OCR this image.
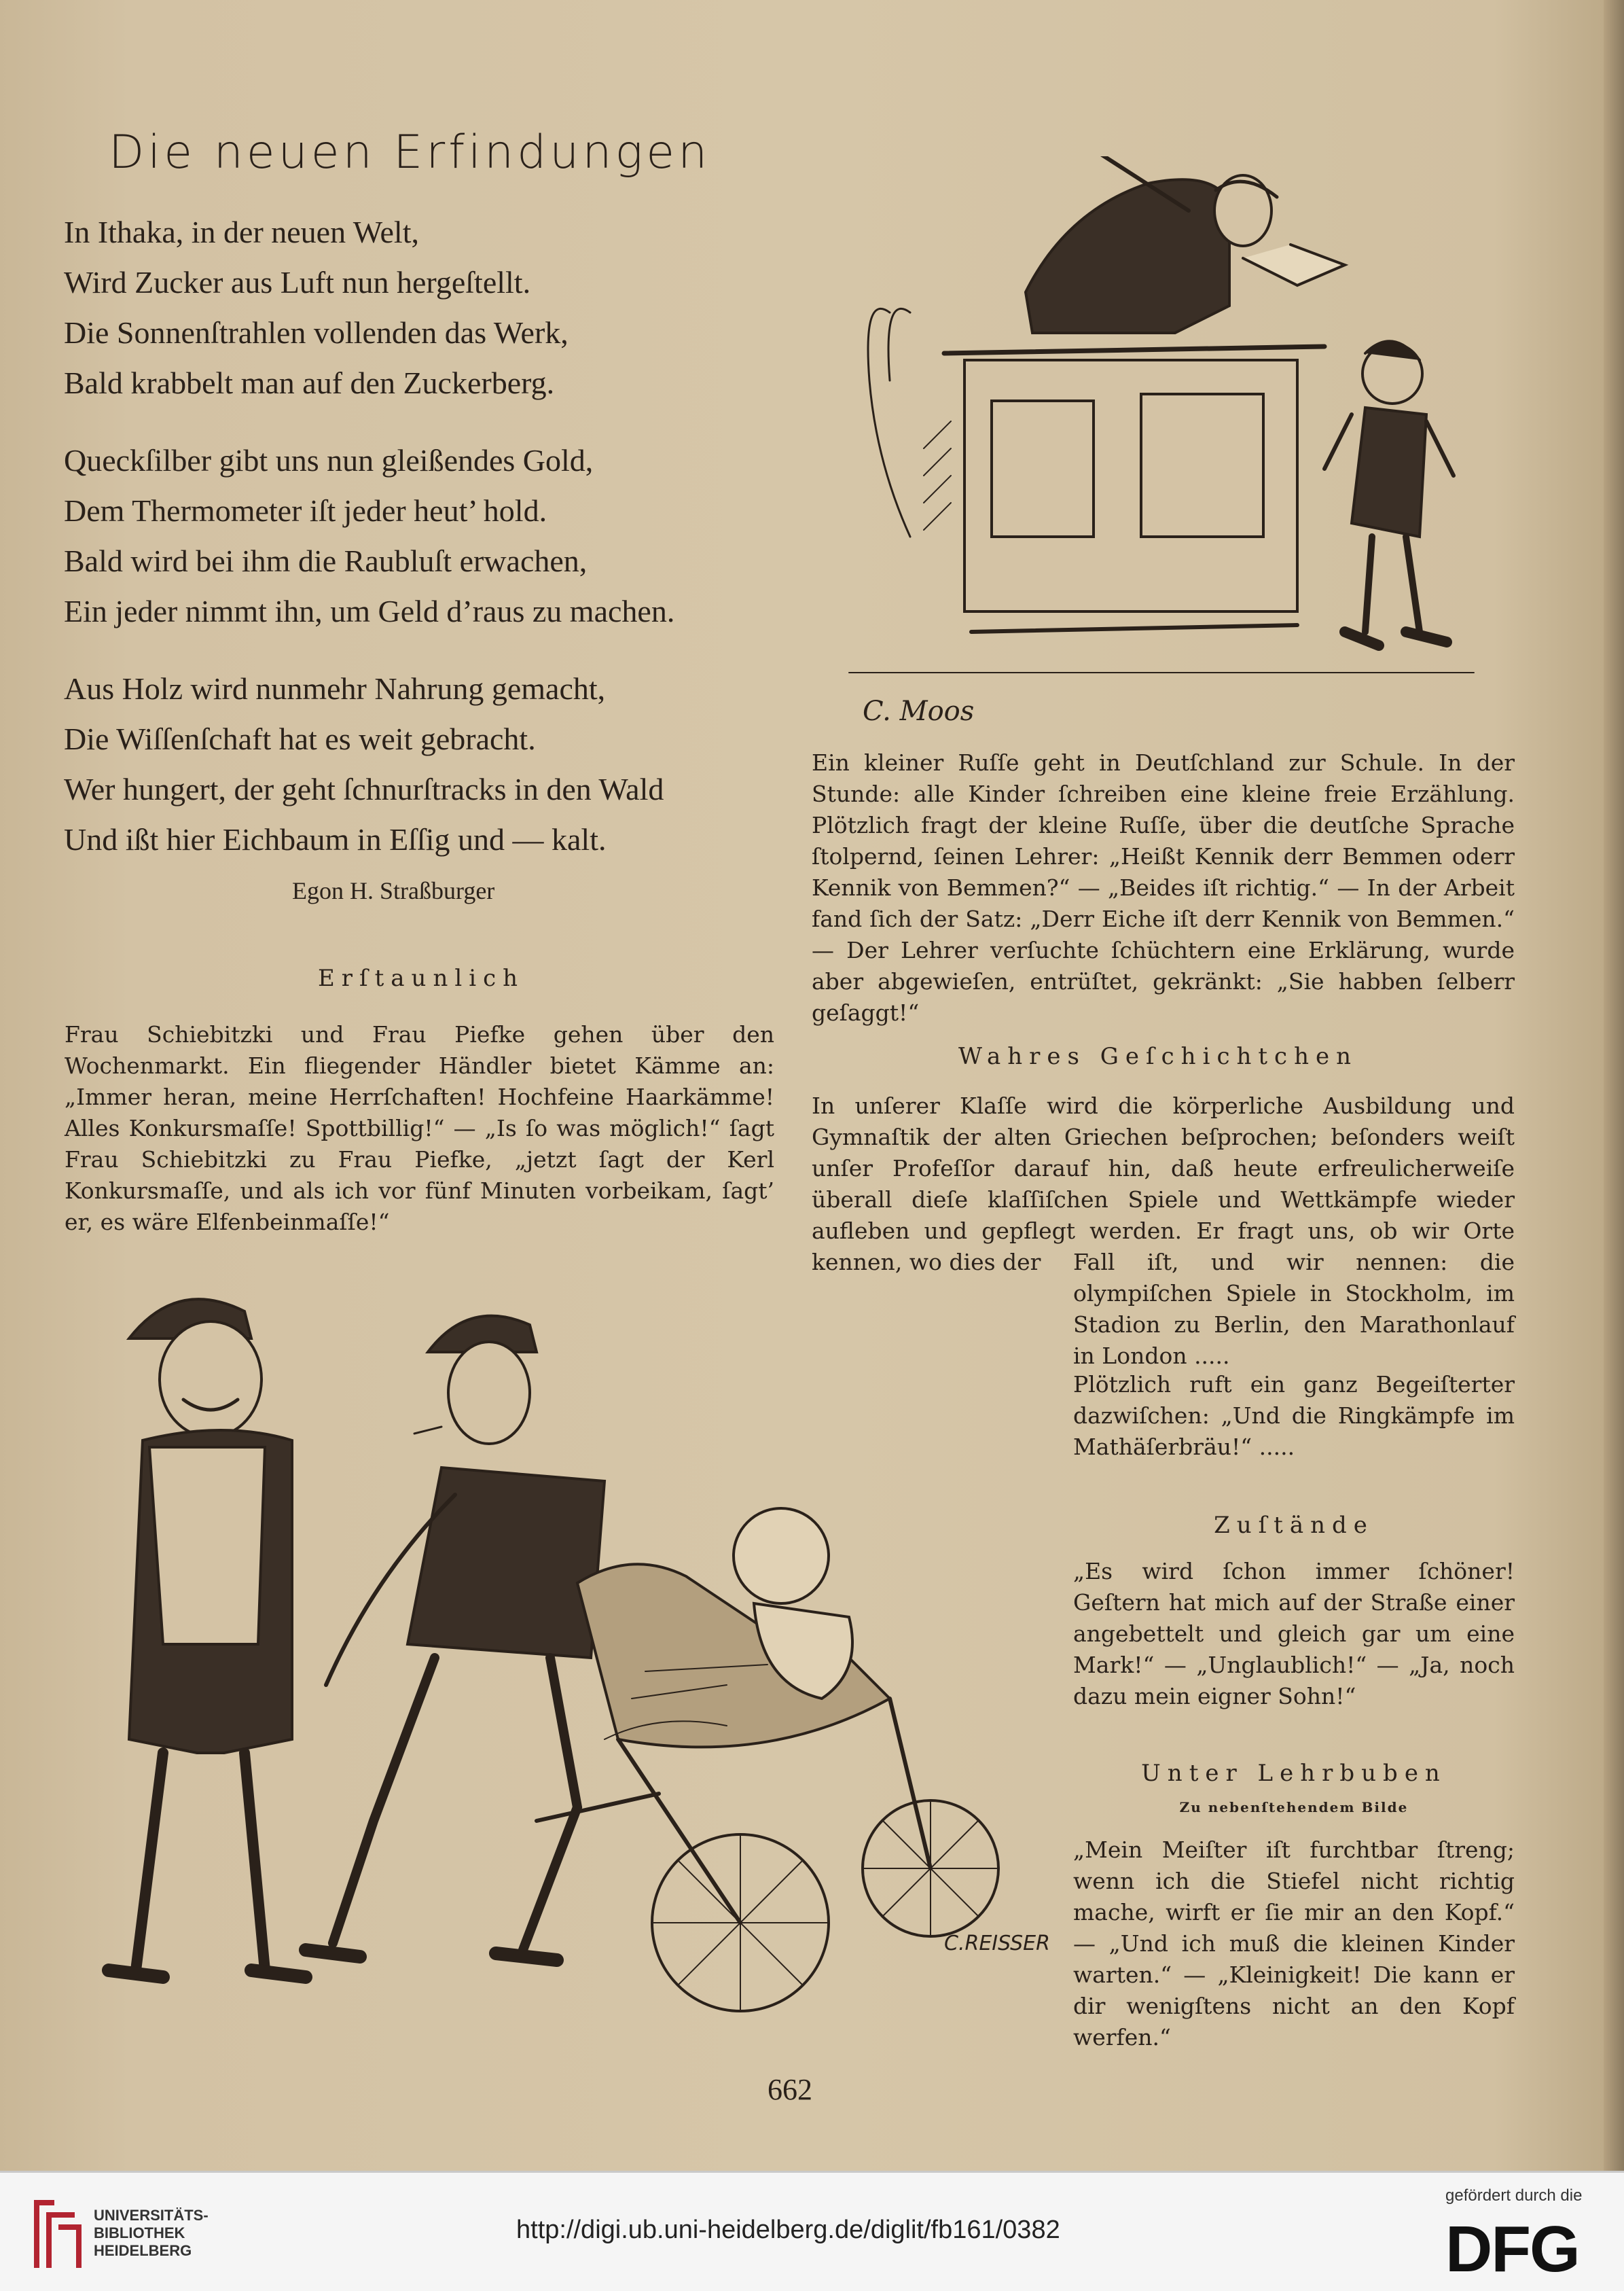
Die neuen Erfindungen
In Ithaka, in der neuen Welt,
Wird Zucker aus Luft nun hergeſtellt.
Die Sonnenſtrahlen vollenden das Werk,
Bald krabbelt man auf den Zuckerberg.
Queckſilber gibt uns nun gleißendes Gold,
Dem Thermometer iſt jeder heut’ hold.
Bald wird bei ihm die Raubluſt erwachen,
Ein jeder nimmt ihn, um Geld d’raus zu machen.
Aus Holz wird nunmehr Nahrung gemacht,
Die Wiſſenſchaft hat es weit gebracht.
Wer hungert, der geht ſchnurſtracks in den Wald
Und ißt hier Eichbaum in Eſſig und — kalt.
Egon H. Straßburger
C. Moos
Ein kleiner Ruſſe geht in Deutſchland zur Schule. In der Stunde: alle Kinder ſchreiben eine kleine freie Erzählung. Plötzlich fragt der kleine Ruſſe, über die deutſche Sprache ſtolpernd, ſeinen Lehrer: „Heißt Kennik derr Bemmen oderr Kennik von Bemmen?“ — „Beides iſt richtig.“ — In der Arbeit fand ſich der Satz: „Derr Eiche iſt derr Kennik von Bemmen.“ — Der Lehrer verſuchte ſchüchtern eine Erklärung, wurde aber abgewieſen, entrüſtet, gekränkt: „Sie habben ſelberr geſaggt!“
Erſtaunlich
Frau Schiebitzki und Frau Piefke gehen über den Wochenmarkt. Ein fliegender Händler bietet Kämme an: „Immer heran, meine Herrſchaften! Hochfeine Haarkämme! Alles Konkursmaſſe! Spottbillig!“ — „Is ſo was möglich!“ ſagt Frau Schiebitzki zu Frau Piefke, „jetzt ſagt der Kerl Konkursmaſſe, und als ich vor fünf Minuten vorbeikam, ſagt’ er, es wäre Elfenbeinmaſſe!“
Wahres Geſchichtchen
In unſerer Klaſſe wird die körperliche Ausbildung und Gymnaſtik der alten Griechen beſprochen; beſonders weiſt unſer Profeſſor darauf hin, daß heute erfreulicherweiſe überall dieſe klaſſiſchen Spiele und Wettkämpfe wieder aufleben und gepflegt werden. Er fragt uns, ob wir Orte kennen, wo dies der	Fall iſt, und wir nennen: die olympiſchen Spiele in Stockholm, im Stadion zu Berlin, den Marathonlauf in London .....
Plötzlich ruft ein ganz Begeiſterter dazwiſchen: „Und die Ringkämpfe im Mathäſerbräu!“ .....
Zuſtände
„Es wird ſchon immer ſchöner! Geſtern hat mich auf der Straße einer angebettelt und gleich gar um eine Mark!“ — „Unglaublich!“ — „Ja, noch dazu mein eigner Sohn!“
Unter Lehrbuben
Zu nebenſtehendem Bilde
„Mein Meiſter iſt furchtbar ſtreng; wenn ich die Stiefel nicht richtig mache, wirft er ſie mir an den Kopf.“ — „Und ich muß die kleinen Kinder warten.“ — „Kleinigkeit! Die kann er dir wenigſtens nicht an den Kopf werfen.“
C.REISSER
662
UNIVERSITÄTS-
BIBLIOTHEK
HEIDELBERG
http://digi.ub.uni-heidelberg.de/diglit/fb161/0382
gefördert durch die
DFG
